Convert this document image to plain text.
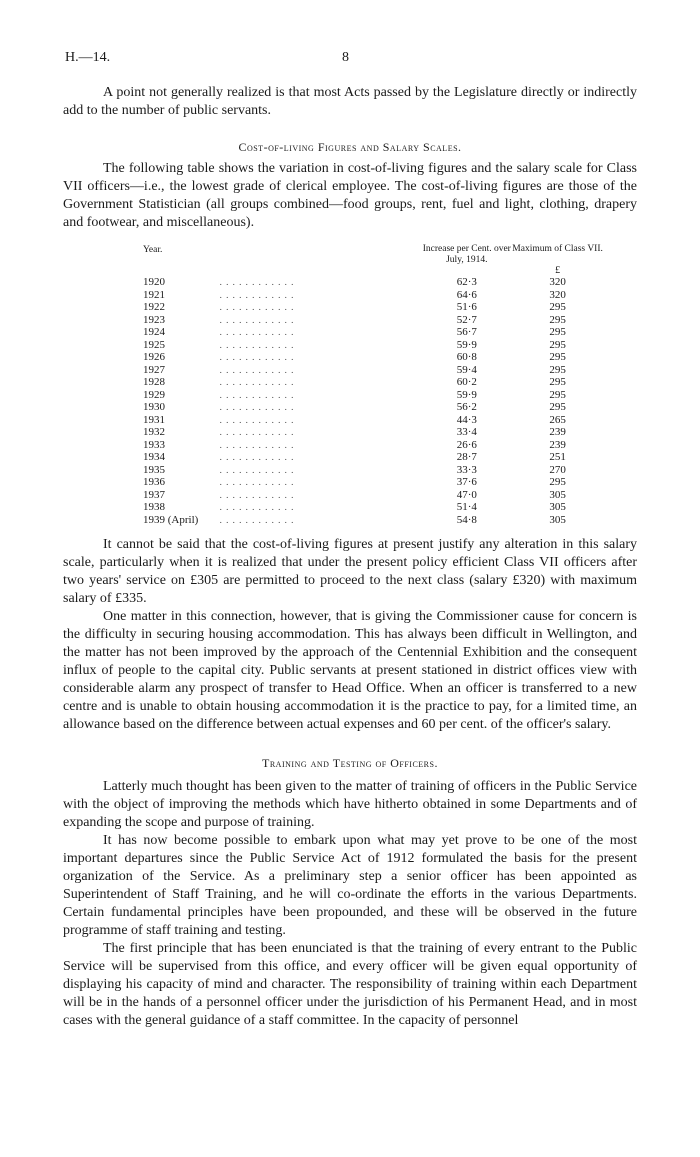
H.—14.	8

A point not generally realized is that most Acts passed by the Legislature directly or indirectly add to the number of public servants.

Cost-of-living Figures and Salary Scales.

The following table shows the variation in cost-of-living figures and the salary scale for Class VII officers—i.e., the lowest grade of clerical employee. The cost-of-living figures are those of the Government Statistician (all groups combined—food groups, rent, fuel and light, clothing, drapery and footwear, and miscellaneous).

Year.		Increase per Cent. over July, 1914.	Maximum of Class VII.
			£
1920	. . . . . . . . . . . .	62·3	320
1921	. . . . . . . . . . . .	64·6	320
1922	. . . . . . . . . . . .	51·6	295
1923	. . . . . . . . . . . .	52·7	295
1924	. . . . . . . . . . . .	56·7	295
1925	. . . . . . . . . . . .	59·9	295
1926	. . . . . . . . . . . .	60·8	295
1927	. . . . . . . . . . . .	59·4	295
1928	. . . . . . . . . . . .	60·2	295
1929	. . . . . . . . . . . .	59·9	295
1930	. . . . . . . . . . . .	56·2	295
1931	. . . . . . . . . . . .	44·3	265
1932	. . . . . . . . . . . .	33·4	239
1933	. . . . . . . . . . . .	26·6	239
1934	. . . . . . . . . . . .	28·7	251
1935	. . . . . . . . . . . .	33·3	270
1936	. . . . . . . . . . . .	37·6	295
1937	. . . . . . . . . . . .	47·0	305
1938	. . . . . . . . . . . .	51·4	305
1939 (April)	. . . . . . . . . . . .	54·8	305

It cannot be said that the cost-of-living figures at present justify any alteration in this salary scale, particularly when it is realized that under the present policy efficient Class VII officers after two years' service on £305 are permitted to proceed to the next class (salary £320) with maximum salary of £335.

One matter in this connection, however, that is giving the Commissioner cause for concern is the difficulty in securing housing accommodation. This has always been difficult in Wellington, and the matter has not been improved by the approach of the Centennial Exhibition and the consequent influx of people to the capital city. Public servants at present stationed in district offices view with considerable alarm any prospect of transfer to Head Office. When an officer is transferred to a new centre and is unable to obtain housing accommodation it is the practice to pay, for a limited time, an allowance based on the difference between actual expenses and 60 per cent. of the officer's salary.

Training and Testing of Officers.

Latterly much thought has been given to the matter of training of officers in the Public Service with the object of improving the methods which have hitherto obtained in some Departments and of expanding the scope and purpose of training.

It has now become possible to embark upon what may yet prove to be one of the most important departures since the Public Service Act of 1912 formulated the basis for the present organization of the Service. As a preliminary step a senior officer has been appointed as Superintendent of Staff Training, and he will co-ordinate the efforts in the various Departments. Certain fundamental principles have been propounded, and these will be observed in the future programme of staff training and testing.

The first principle that has been enunciated is that the training of every entrant to the Public Service will be supervised from this office, and every officer will be given equal opportunity of displaying his capacity of mind and character. The responsibility of training within each Department will be in the hands of a personnel officer under the jurisdiction of his Permanent Head, and in most cases with the general guidance of a staff committee. In the capacity of personnel
